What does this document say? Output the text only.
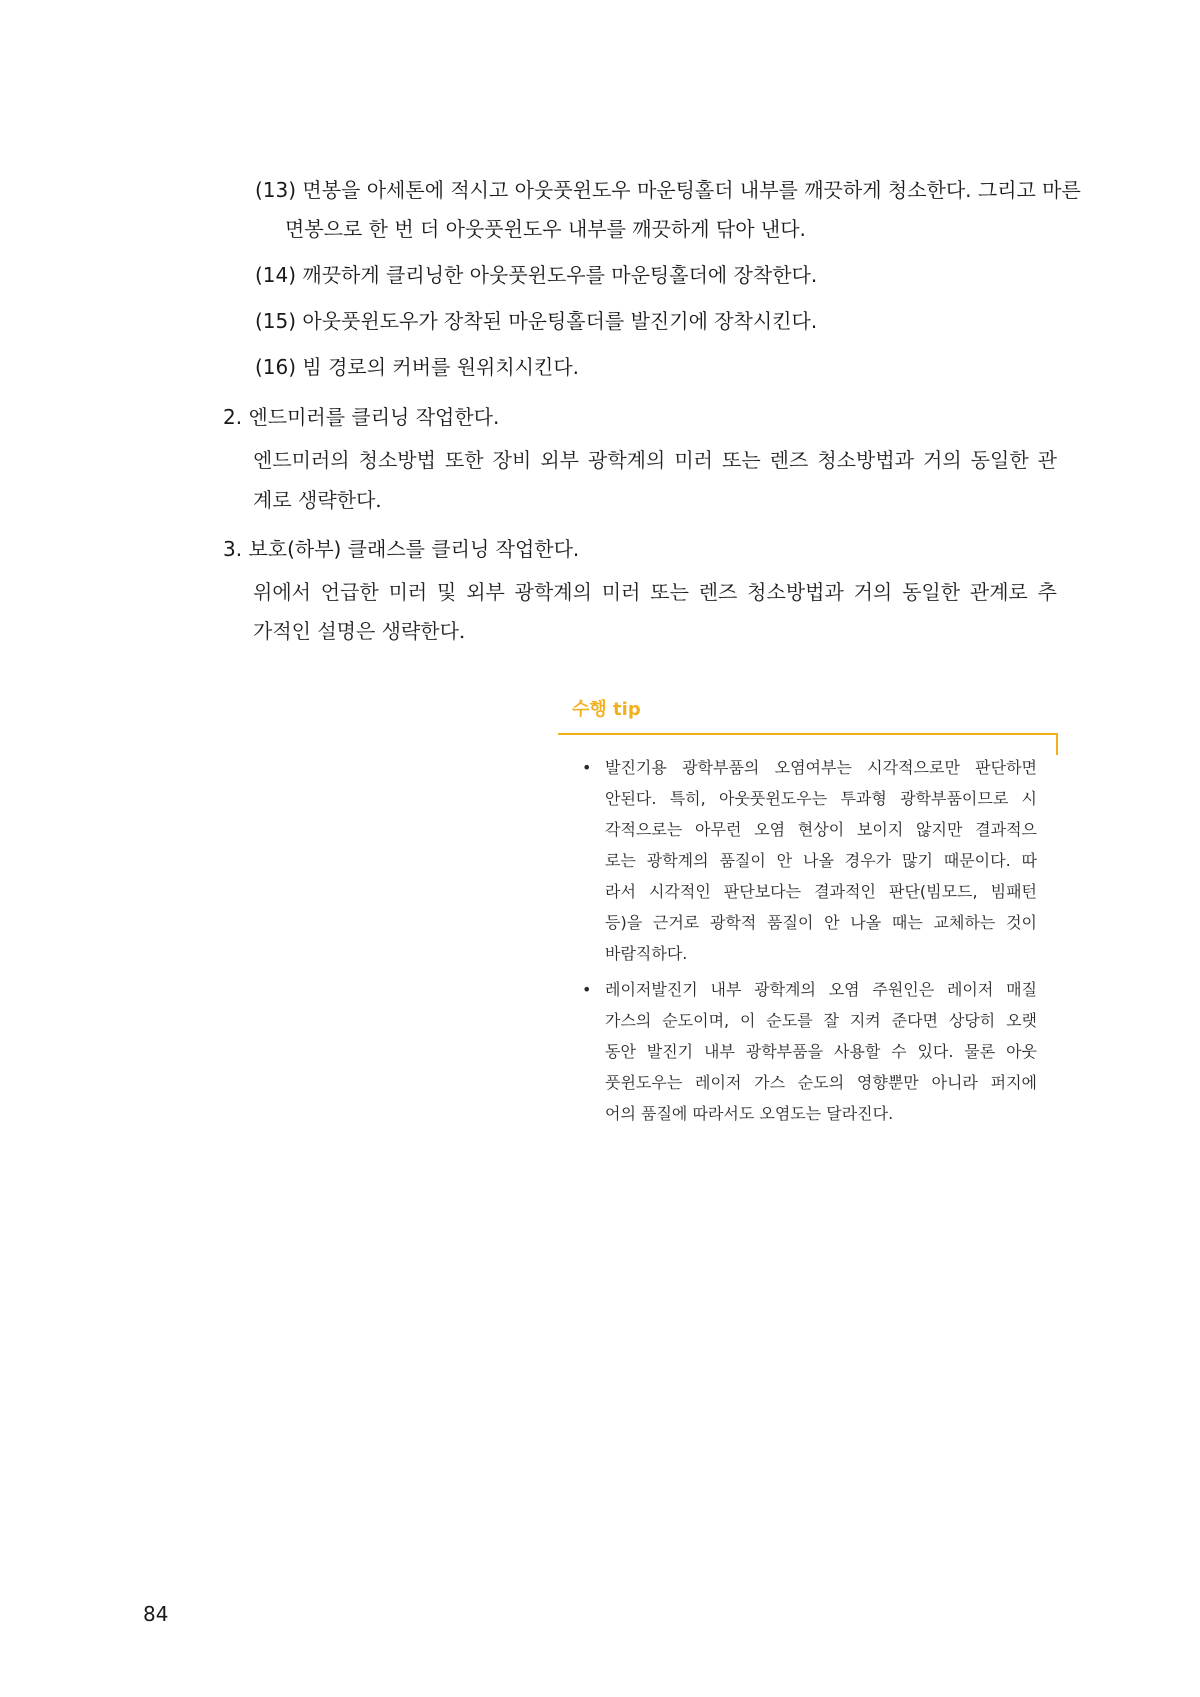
(13) 면봉을 아세톤에 적시고 아웃풋윈도우 마운팅홀더 내부를 깨끗하게 청소한다. 그리고 마른
면봉으로 한 번 더 아웃풋윈도우 내부를 깨끗하게 닦아 낸다.
(14) 깨끗하게 클리닝한 아웃풋윈도우를 마운팅홀더에 장착한다.
(15) 아웃풋윈도우가 장착된 마운팅홀더를 발진기에 장착시킨다.
(16) 빔 경로의 커버를 원위치시킨다.
2. 엔드미러를 클리닝 작업한다.
엔드미러의 청소방법 또한 장비 외부 광학계의 미러 또는 렌즈 청소방법과 거의 동일한 관
계로 생략한다.
3. 보호(하부) 클래스를 클리닝 작업한다.
위에서 언급한 미러 및 외부 광학계의 미러 또는 렌즈 청소방법과 거의 동일한 관계로 추
가적인 설명은 생략한다.
수행 tip
• 발진기용 광학부품의 오염여부는 시각적으로만 판단하면
안된다. 특히, 아웃풋윈도우는 투과형 광학부품이므로 시
각적으로는 아무런 오염 현상이 보이지 않지만 결과적으
로는 광학계의 품질이 안 나올 경우가 많기 때문이다. 따
라서 시각적인 판단보다는 결과적인 판단(빔모드, 빔패턴
등)을 근거로 광학적 품질이 안 나올 때는 교체하는 것이
바람직하다.
• 레이저발진기 내부 광학계의 오염 주원인은 레이저 매질
가스의 순도이며, 이 순도를 잘 지켜 준다면 상당히 오랫
동안 발진기 내부 광학부품을 사용할 수 있다. 물론 아웃
풋윈도우는 레이저 가스 순도의 영향뿐만 아니라 퍼지에
어의 품질에 따라서도 오염도는 달라진다.
84
